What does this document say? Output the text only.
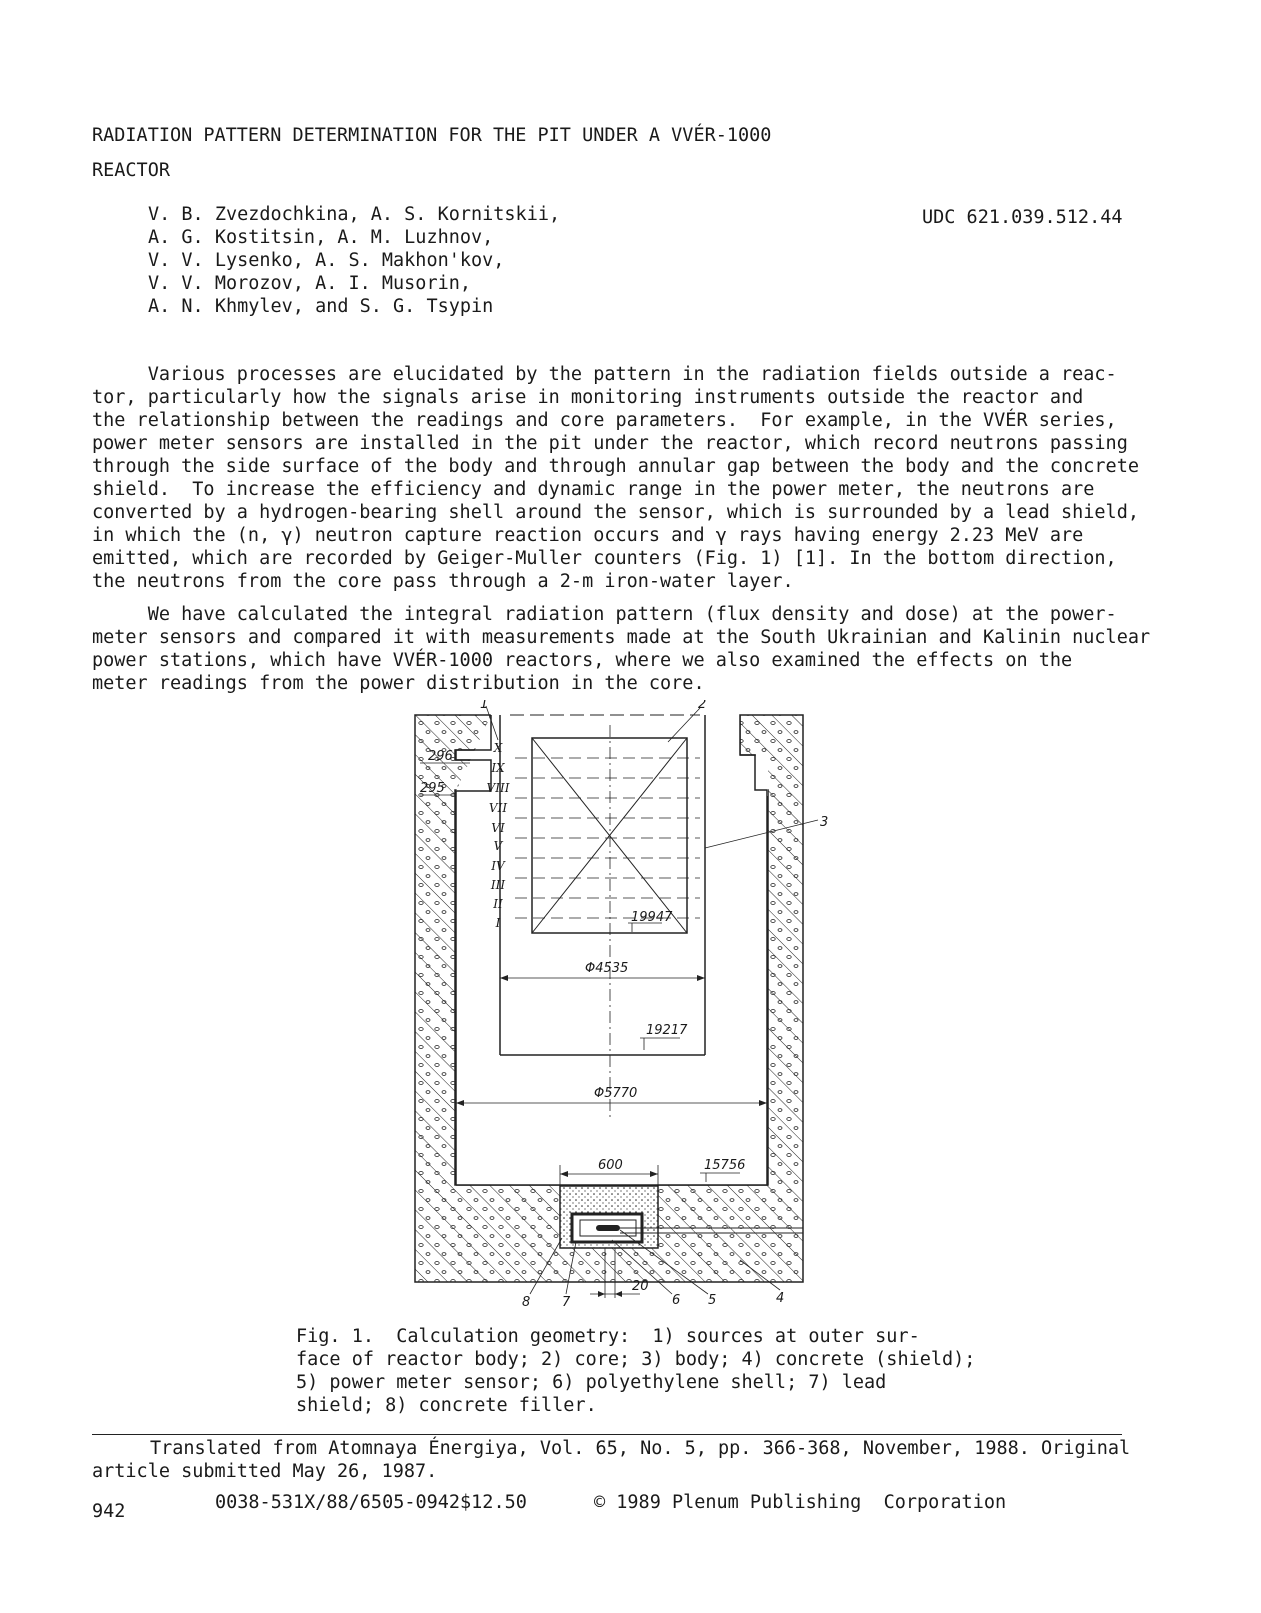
RADIATION PATTERN DETERMINATION FOR THE PIT UNDER A VVÉR-1000
REACTOR
V. B. Zvezdochkina, A. S. Kornitskii,
A. G. Kostitsin, A. M. Luzhnov,
V. V. Lysenko, A. S. Makhon'kov,
V. V. Morozov, A. I. Musorin,
A. N. Khmylev, and S. G. Tsypin
UDC 621.039.512.44
Various processes are elucidated by the pattern in the radiation fields outside a reac-
tor, particularly how the signals arise in monitoring instruments outside the reactor and
the relationship between the readings and core parameters.  For example, in the VVÉR series,
power meter sensors are installed in the pit under the reactor, which record neutrons passing
through the side surface of the body and through annular gap between the body and the concrete
shield.  To increase the efficiency and dynamic range in the power meter, the neutrons are
converted by a hydrogen-bearing shell around the sensor, which is surrounded by a lead shield,
in which the (n, γ) neutron capture reaction occurs and γ rays having energy 2.23 MeV are
emitted, which are recorded by Geiger-Muller counters (Fig. 1) [1]. In the bottom direction,
the neutrons from the core pass through a 2-m iron-water layer.
We have calculated the integral radiation pattern (flux density and dose) at the power-
meter sensors and compared it with measurements made at the South Ukrainian and Kalinin nuclear
power stations, which have VVÉR-1000 reactors, where we also examined the effects on the
meter readings from the power distribution in the core.
X
IX
VIII
VII
VI
V
IV
III
II
I
Φ4535
19947
19217
Φ5770
15756
600
20
296
295
1	2
3
4
5
6
7
8
Fig. 1.  Calculation geometry:  1) sources at outer sur-
face of reactor body; 2) core; 3) body; 4) concrete (shield);
5) power meter sensor; 6) polyethylene shell; 7) lead
shield; 8) concrete filler.
Translated from Atomnaya Énergiya, Vol. 65, No. 5, pp. 366-368, November, 1988. Original
article submitted May 26, 1987.
942	0038-531X/88/6505-0942$12.50	© 1989 Plenum Publishing  Corporation
